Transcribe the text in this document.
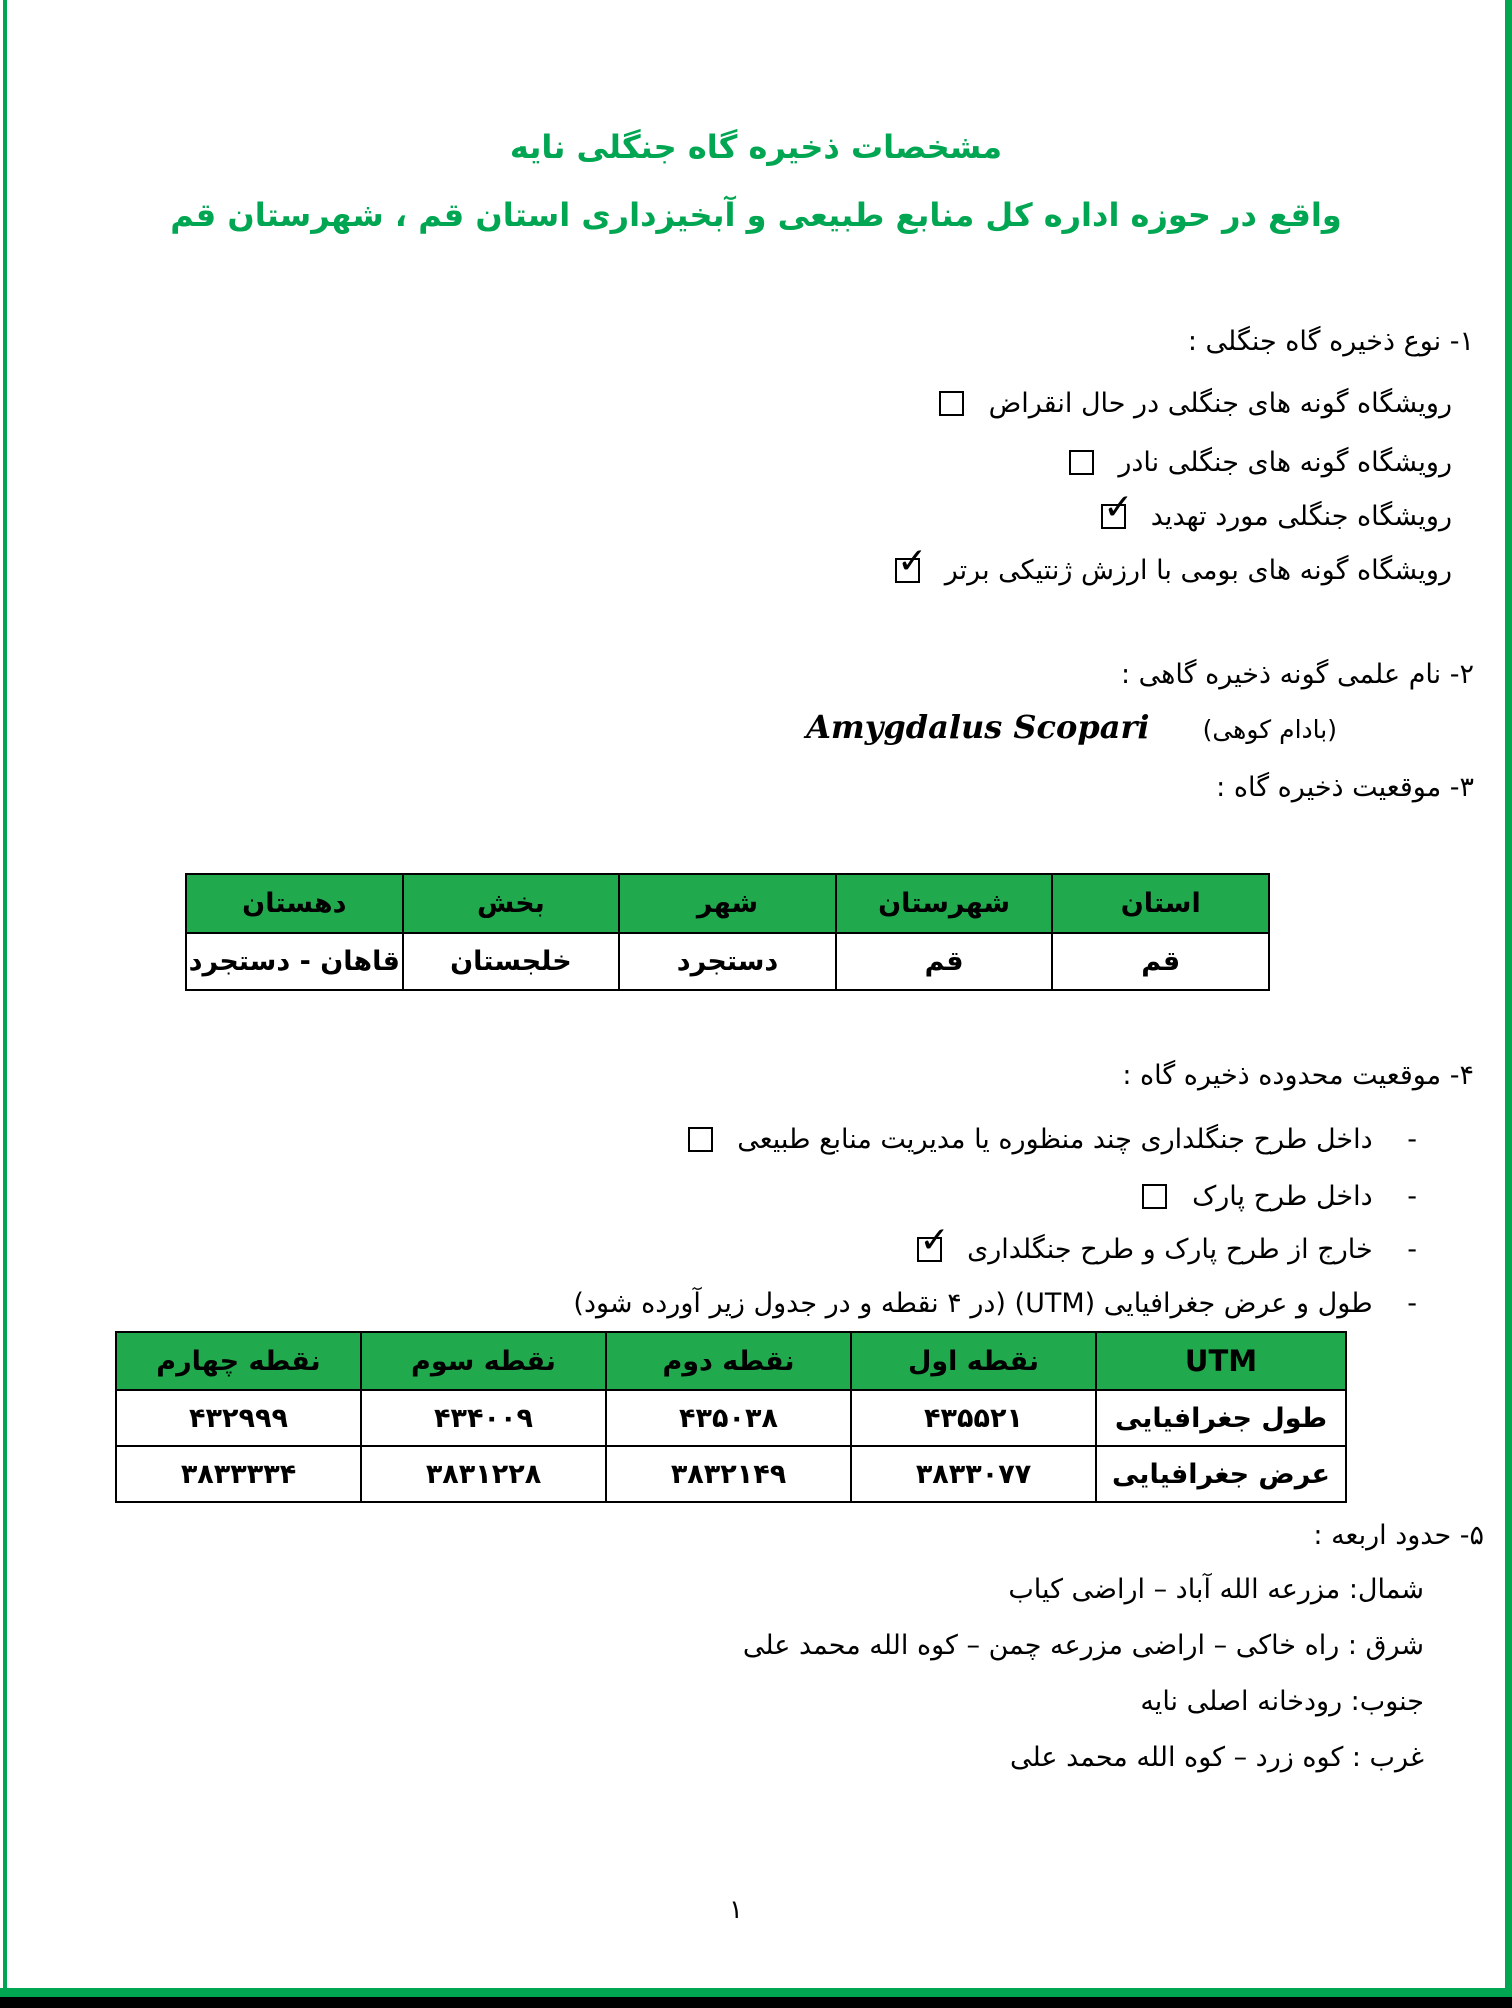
مشخصات ذخیره گاه جنگلی نایه
واقع در حوزه اداره کل منابع طبیعی و آبخیزداری استان قم ، شهرستان قم
۱- نوع ذخیره گاه جنگلی :
رویشگاه گونه های جنگلی در حال انقراض
رویشگاه گونه های جنگلی نادر
رویشگاه جنگلی مورد تهدید
✓
رویشگاه گونه های بومی با ارزش ژنتیکی برتر
✓
۲- نام علمی گونه ذخیره گاهی :
(بادام کوهی) Amygdalus Scopari
۳- موقعیت ذخیره گاه :
استان	شهرستان	شهر	بخش	دهستان
قم	قم	دستجرد	خلجستان	قاهان - دستجرد
۴- موقعیت محدوده ذخیره گاه :
- داخل طرح جنگلداری چند منظوره یا مدیریت منابع طبیعی
- داخل طرح پارک
- خارج از طرح پارک و طرح جنگلداری
✓
- طول و عرض جغرافیایی (UTM) (در ۴ نقطه و در جدول زیر آورده شود)
UTM	نقطه اول	نقطه دوم	نقطه سوم	نقطه چهارم
طول جغرافیایی	۴۳۵۵۲۱	۴۳۵۰۳۸	۴۳۴۰۰۹	۴۳۲۹۹۹
عرض جغرافیایی	۳۸۳۳۰۷۷	۳۸۳۲۱۴۹	۳۸۳۱۲۲۸	۳۸۳۳۳۳۴
۵- حدود اربعه :
شمال: مزرعه الله آباد – اراضی کیاب
شرق : راه خاکی – اراضی مزرعه چمن – کوه الله محمد علی
جنوب: رودخانه اصلی نایه
غرب : کوه زرد – کوه الله محمد علی
۱
